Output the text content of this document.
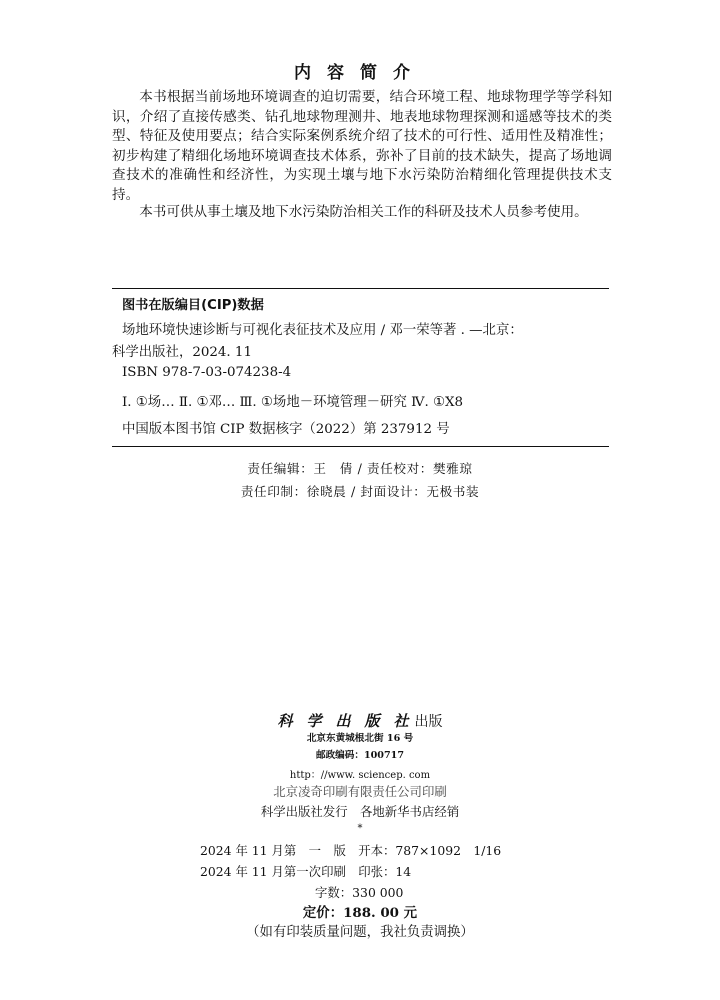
内容简介
本书根据当前场地环境调查的迫切需要，结合环境工程、地球物理学等学科知识，介绍了直接传感类、钻孔地球物理测井、地表地球物理探测和遥感等技术的类型、特征及使用要点；结合实际案例系统介绍了技术的可行性、适用性及精准性；初步构建了精细化场地环境调查技术体系，弥补了目前的技术缺失，提高了场地调查技术的准确性和经济性，为实现土壤与地下水污染防治精细化管理提供技术支持。
本书可供从事土壤及地下水污染防治相关工作的科研及技术人员参考使用。
图书在版编目(CIP)数据
场地环境快速诊断与可视化表征技术及应用 / 邓一荣等著 . —北京：
科学出版社，2024. 11
ISBN 978-7-03-074238-4
Ⅰ. ①场… Ⅱ. ①邓… Ⅲ. ①场地－环境管理－研究 Ⅳ. ①X8
中国版本图书馆 CIP 数据核字（2022）第 237912 号
责任编辑：王　倩 / 责任校对：樊雅琼
责任印制：徐晓晨 / 封面设计：无极书装
科学出版社出版
北京东黄城根北街 16 号
邮政编码：100717
http：//www. sciencep. com
北京凌奇印刷有限责任公司印刷
科学出版社发行　各地新华书店经销
*
2024 年 11 月第　一　版　开本：787×1092　1/16
2024 年 11 月第一次印刷　印张：14
字数：330 000
定价：188. 00 元
（如有印装质量问题，我社负责调换）
